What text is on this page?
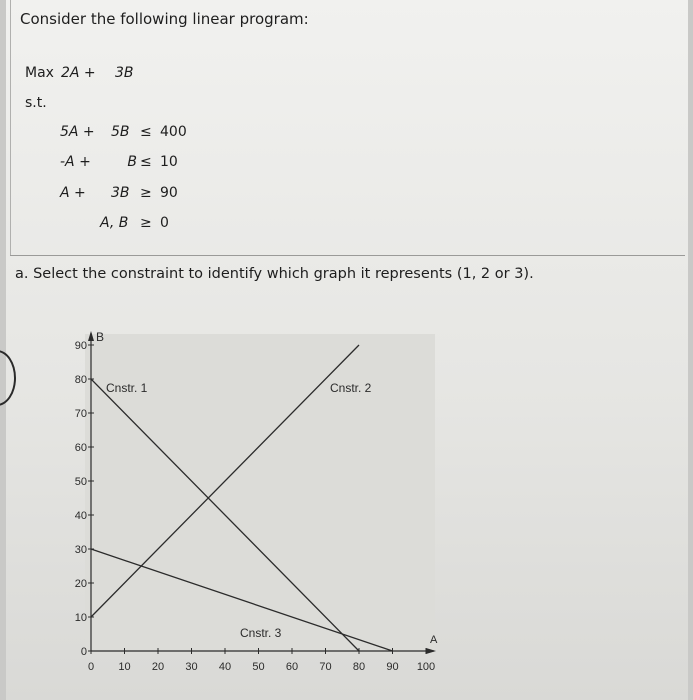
Consider the following linear program:
Max 2A + 3B
s.t.
5A + 5B ≤ 400
-A +	B ≤ 10
A + 3B ≥ 90
A, B ≥ 0
a. Select the constraint to identify which graph it represents (1, 2 or 3).
A
B
0 10 20 30 40 50 60 70 80 90 100
0
10
20
30
40
50
60
70
80
90
Cnstr. 1	Cnstr. 2
Cnstr. 3
